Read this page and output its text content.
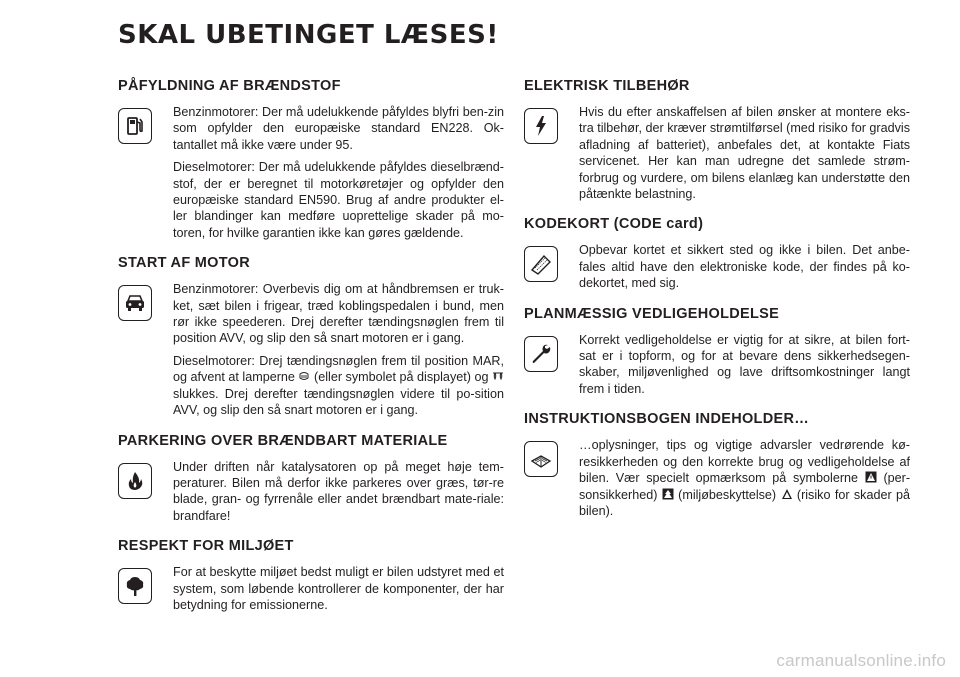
SKAL UBETINGET LÆSES!
PÅFYLDNING AF BRÆNDSTOF

Benzinmotorer: Der må udelukkende påfyldes blyfri ben-zin som opfylder den europæiske standard EN228. Ok-tantallet må ikke være under 95.

Dieselmotorer: Der må udelukkende påfyldes dieselbrænd-stof, der er beregnet til motorkøretøjer og opfylder den europæiske standard EN590. Brug af andre produkter el-ler blandinger kan medføre uoprettelige skader på mo-toren, for hvilke garantien ikke kan gøres gældende.

START AF MOTOR

Benzinmotorer: Overbevis dig om at håndbremsen er truk-ket, sæt bilen i frigear, træd koblingspedalen i bund, men rør ikke speederen. Drej derefter tændingsnøglen frem til position AVV, og slip den så snart motoren er i gang.

Dieselmotorer: Drej tændingsnøglen frem til position MAR, og afvent at lamperne (eller symbolet på displayet) og  slukkes. Drej derefter tændingsnøglen videre til po-sition AVV, og slip den så snart motoren er i gang.

PARKERING OVER BRÆNDBART MATERIALE

Under driften når katalysatoren op på meget høje tem-peraturer. Bilen må derfor ikke parkeres over græs, tør-re blade, gran- og fyrrenåle eller andet brændbart mate-riale: brandfare!

RESPEKT FOR MILJØET

For at beskytte miljøet bedst muligt er bilen udstyret med et system, som løbende kontrollerer de komponenter, der har betydning for emissionerne.

ELEKTRISK TILBEHØR

Hvis du efter anskaffelsen af bilen ønsker at montere eks-tra tilbehør, der kræver strømtilførsel (med risiko for gradvis afladning af batteriet), anbefales det, at kontakte Fiats servicenet. Her kan man udregne det samlede strøm-forbrug og vurdere, om bilens elanlæg kan understøtte den påtænkte belastning.

KODEKORT (CODE card)

Opbevar kortet et sikkert sted og ikke i bilen. Det anbe-fales altid have den elektroniske kode, der findes på ko-dekortet, med sig.

PLANMÆSSIG VEDLIGEHOLDELSE

Korrekt vedligeholdelse er vigtig for at sikre, at bilen fort-sat er i topform, og for at bevare dens sikkerhedsegen-skaber, miljøvenlighed og lave driftsomkostninger langt frem i tiden.

INSTRUKTIONSBOGEN INDEHOLDER…

…oplysninger, tips og vigtige advarsler vedrørende kø-resikkerheden og den korrekte brug og vedligeholdelse af bilen. Vær specielt opmærksom på symbolerne (per-sonsikkerhed) (miljøbeskyttelse) (risiko for skader på bilen).

carmanualsonline.info
